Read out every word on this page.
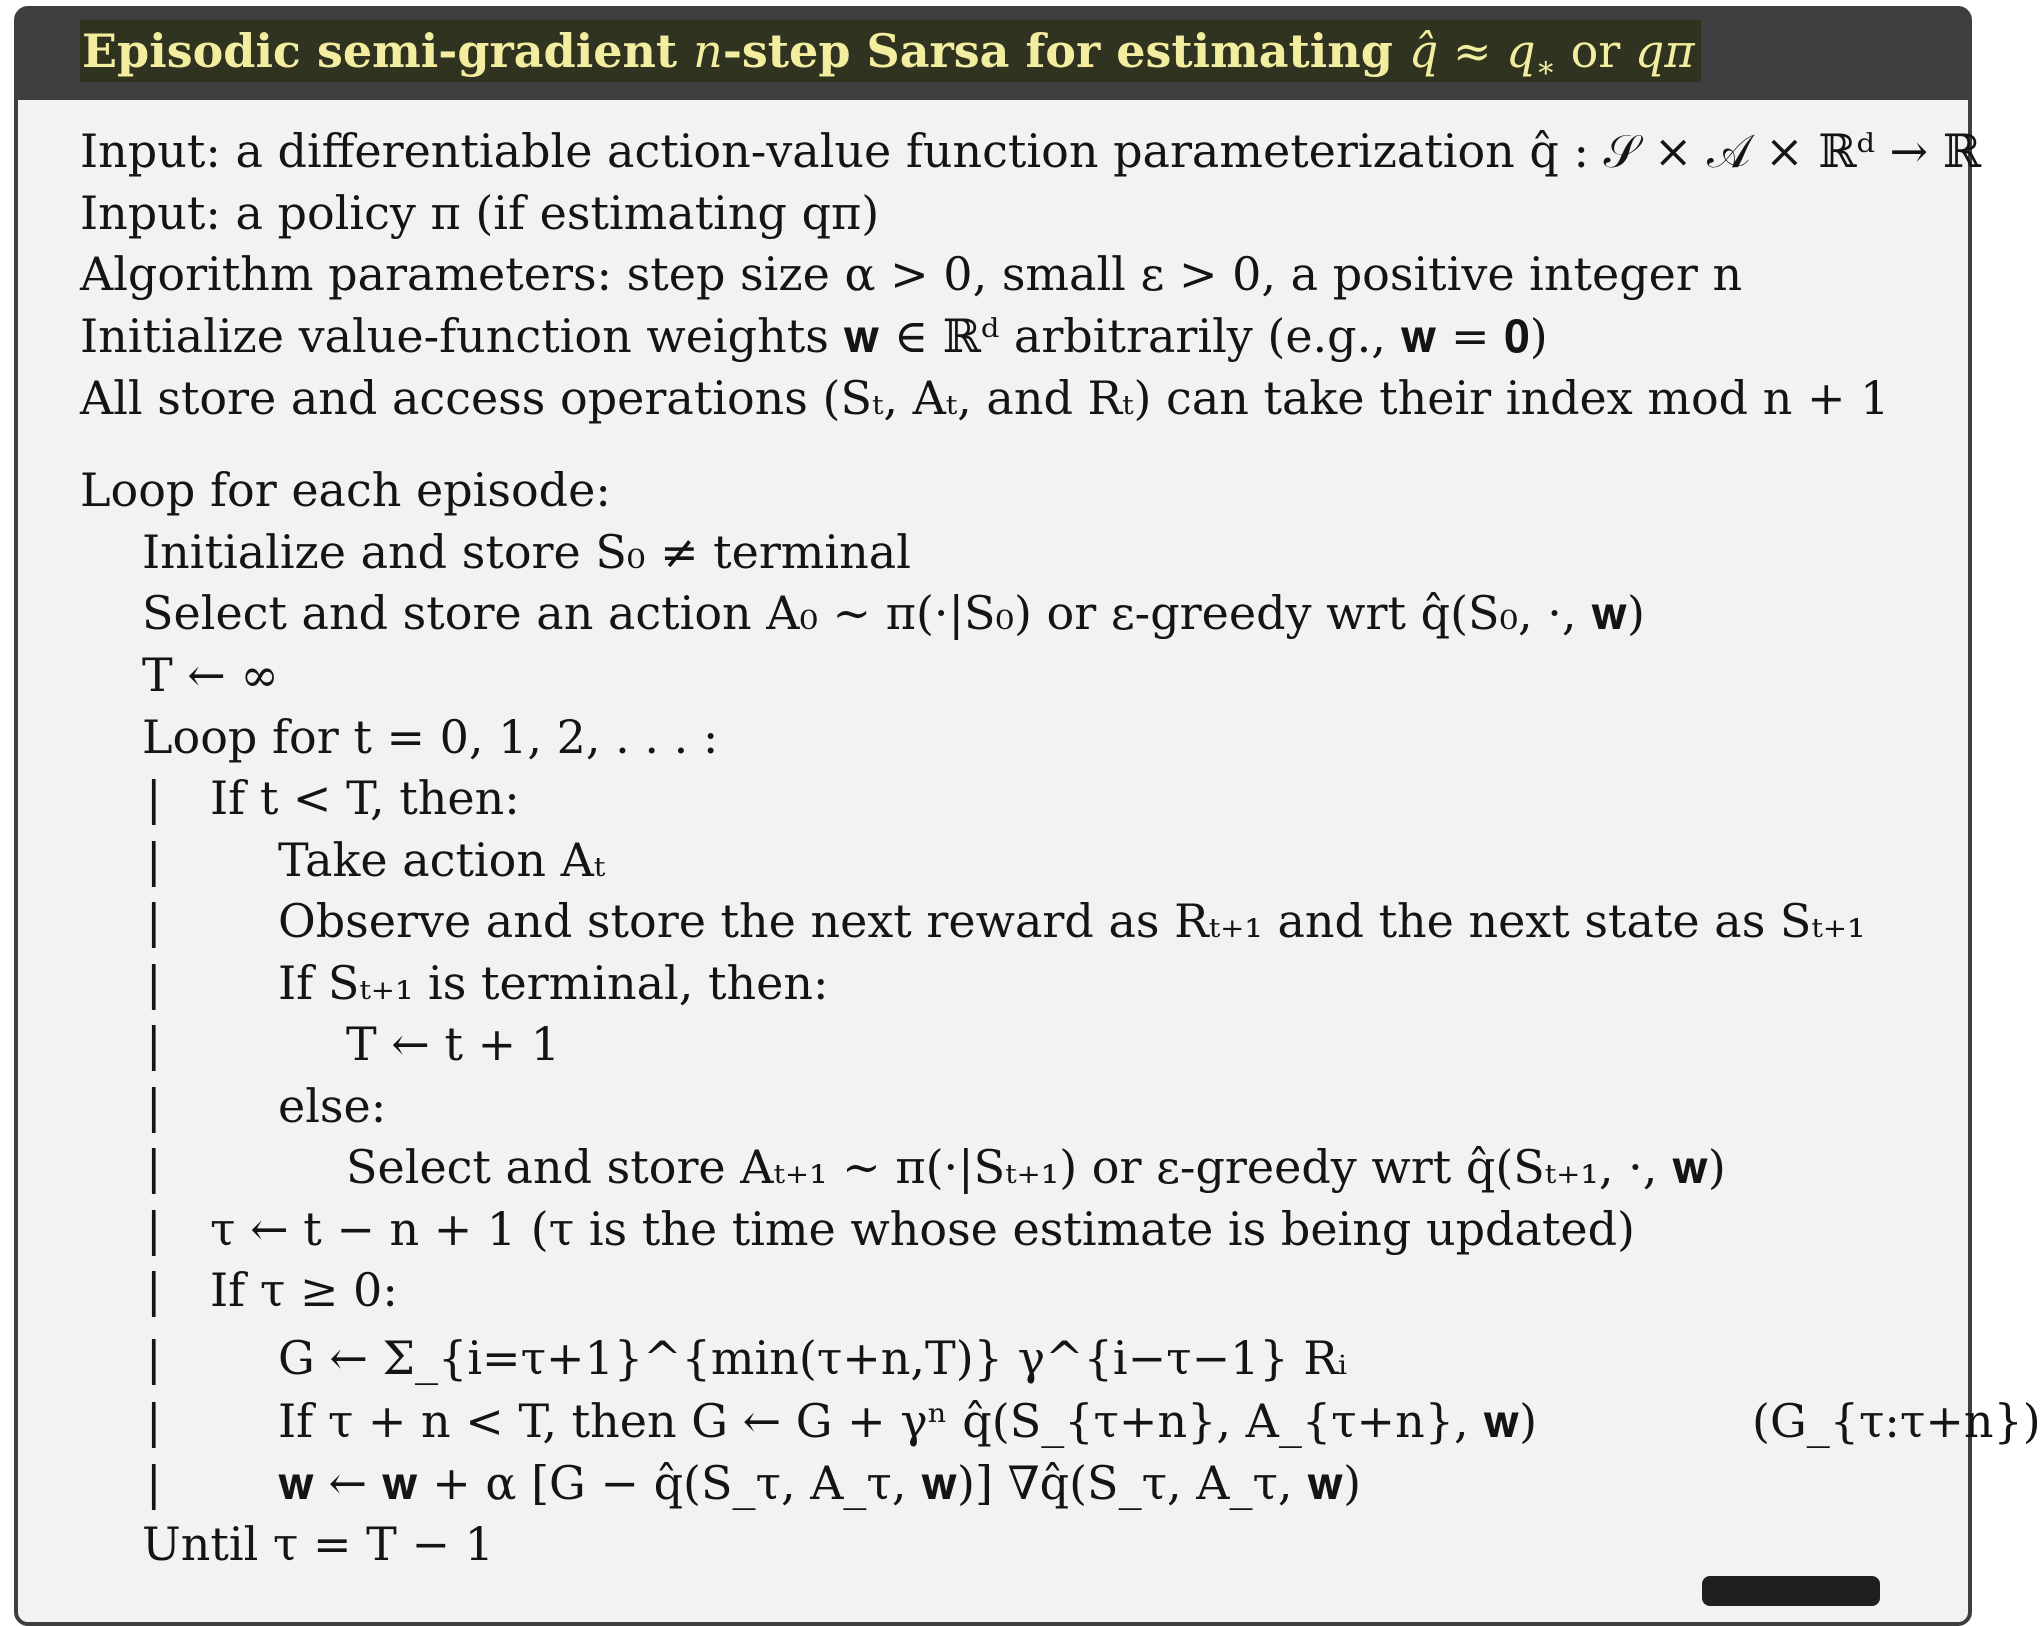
Episodic semi-gradient n-step Sarsa for estimating q̂ ≈ $q_∗$ or qπ
Input: a differentiable action-value function parameterization q̂ : 𝒮 × 𝒜 × ℝᵈ → ℝ
Input: a policy π (if estimating qπ)
Algorithm parameters: step size α > 0, small ε > 0, a positive integer n
Initialize value-function weights 𝐰 ∈ ℝᵈ arbitrarily (e.g., 𝐰 = 𝟎)
All store and access operations (Sₜ, Aₜ, and Rₜ) can take their index mod n + 1
Loop for each episode:
Initialize and store S₀ ≠ terminal
Select and store an action A₀ ∼ π(·|S₀) or ε-greedy wrt q̂(S₀, ·, 𝐰)
T ← ∞
Loop for t = 0, 1, 2, . . . :
If t < T, then:
Take action Aₜ
Observe and store the next reward as Rₜ₊₁ and the next state as Sₜ₊₁
If Sₜ₊₁ is terminal, then:
T ← t + 1
else:
Select and store Aₜ₊₁ ∼ π(·|Sₜ₊₁) or ε-greedy wrt q̂(Sₜ₊₁, ·, 𝐰)
τ ← t − n + 1 (τ is the time whose estimate is being updated)
If τ ≥ 0:
G ← Σ_{i=τ+1}^{min(τ+n,T)} γ^{i−τ−1} Rᵢ
If τ + n < T, then G ← G + γⁿ q̂(S_{τ+n}, A_{τ+n}, 𝐰)
𝐰 ← 𝐰 + α [G − q̂(S_τ, A_τ, 𝐰)] ∇q̂(S_τ, A_τ, 𝐰)
Until τ = T − 1
(G_{τ:τ+n})
|
|
|
|
|
|
|
|
|
|
|
|
